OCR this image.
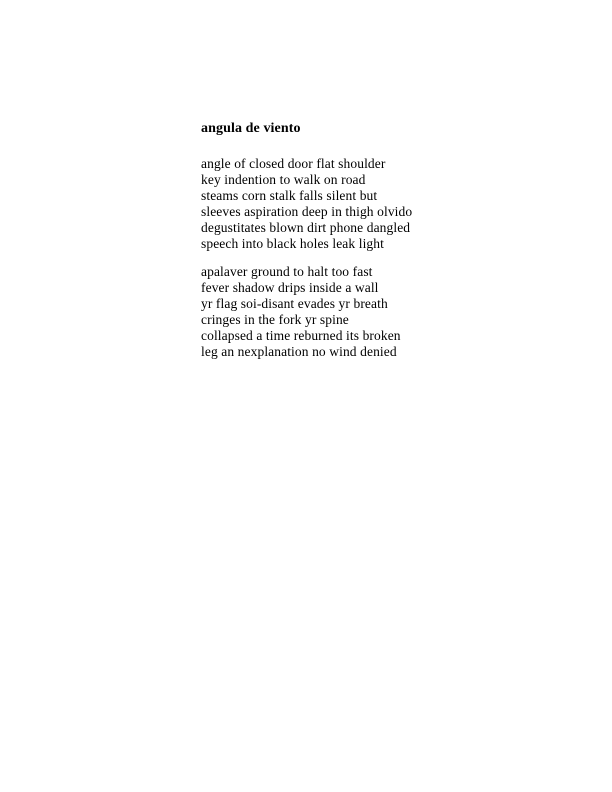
angula de viento
angle of closed door flat shoulder
key indention to walk on road
steams corn stalk falls silent but
sleeves aspiration deep in thigh olvido
degustitates blown dirt phone dangled
speech into black holes leak light
apalaver ground to halt too fast
fever shadow drips inside a wall
yr flag soi-disant evades yr breath
cringes in the fork yr spine
collapsed a time reburned its broken
leg an nexplanation no wind denied
